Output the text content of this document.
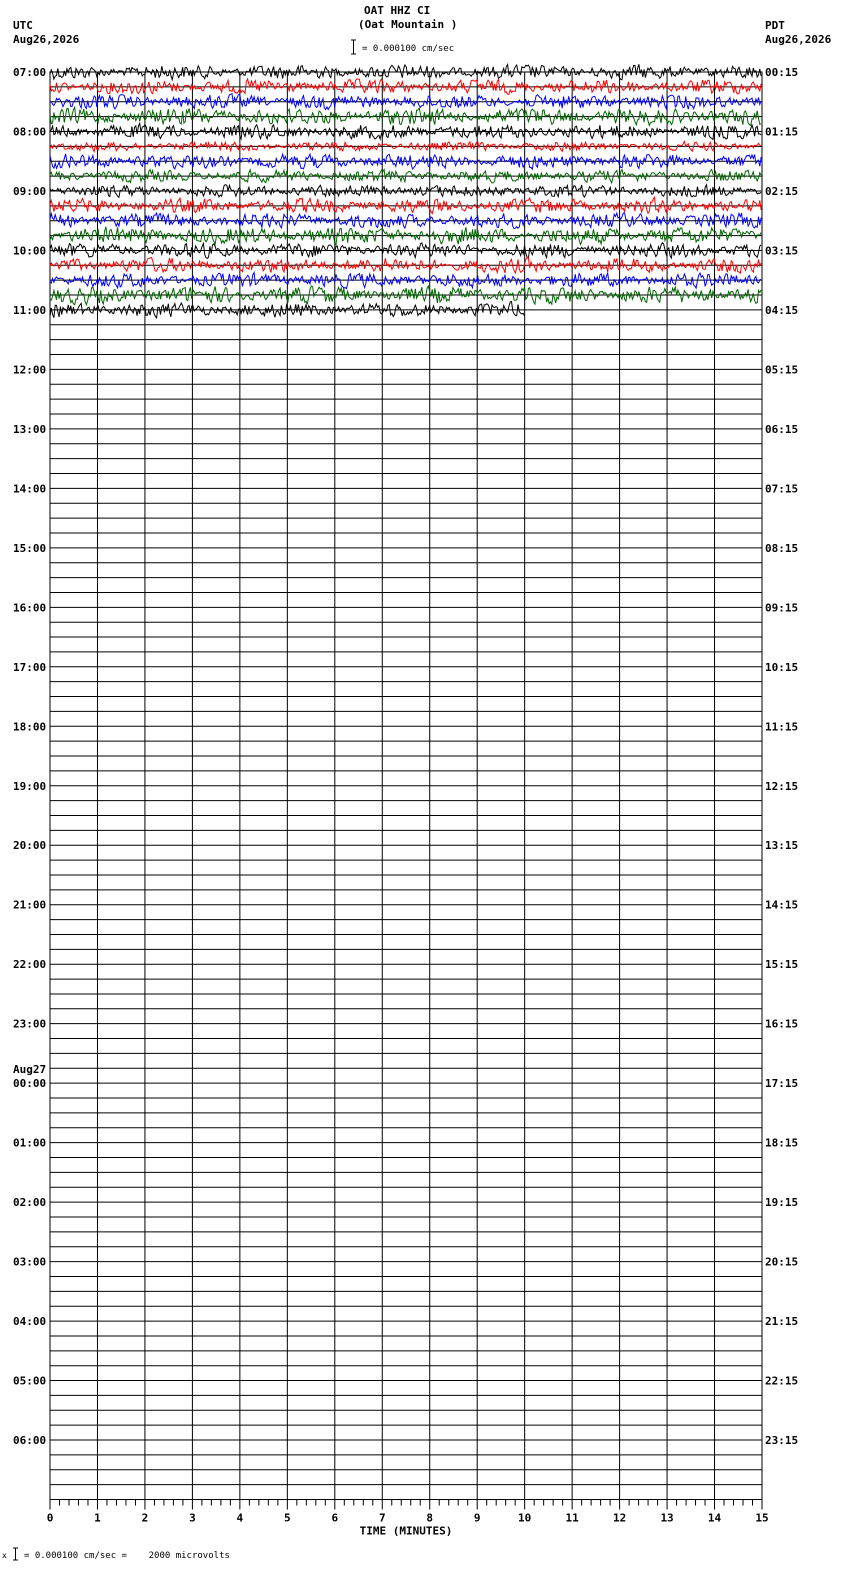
OAT HHZ CI
(Oat Mountain )
= 0.000100 cm/sec
UTC
Aug26,2026
PDT
Aug26,2026
0	1	2	3	4	5	6	7	8	9	10	11	12	13	14	15
TIME (MINUTES)
07:00
08:00
09:00
10:00
11:00
12:00
13:00
14:00
15:00
16:00
17:00
18:00
19:00
20:00
21:00
22:00
23:00
00:00
01:00
02:00
03:00
04:00
05:00
06:00
Aug27
00:15
01:15
02:15
03:15
04:15
05:15
06:15
07:15
08:15
09:15
10:15
11:15
12:15
13:15
14:15
15:15
16:15
17:15
18:15
19:15
20:15
21:15
22:15
23:15
x = 0.000100 cm/sec =    2000 microvolts
